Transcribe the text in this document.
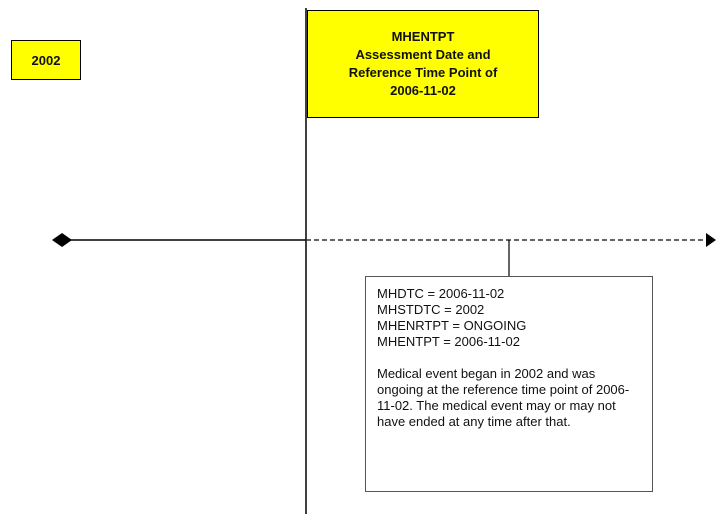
2002
MHENTPT
Assessment Date and
Reference Time Point of
2006-11-02
MHDTC = 2006-11-02
MHSTDTC = 2002
MHENRTPT = ONGOING
MHENTPT = 2006-11-02
Medical event began in 2002 and was ongoing at the reference time point of 2006-11-02. The medical event may or may not have ended at any time after that.
